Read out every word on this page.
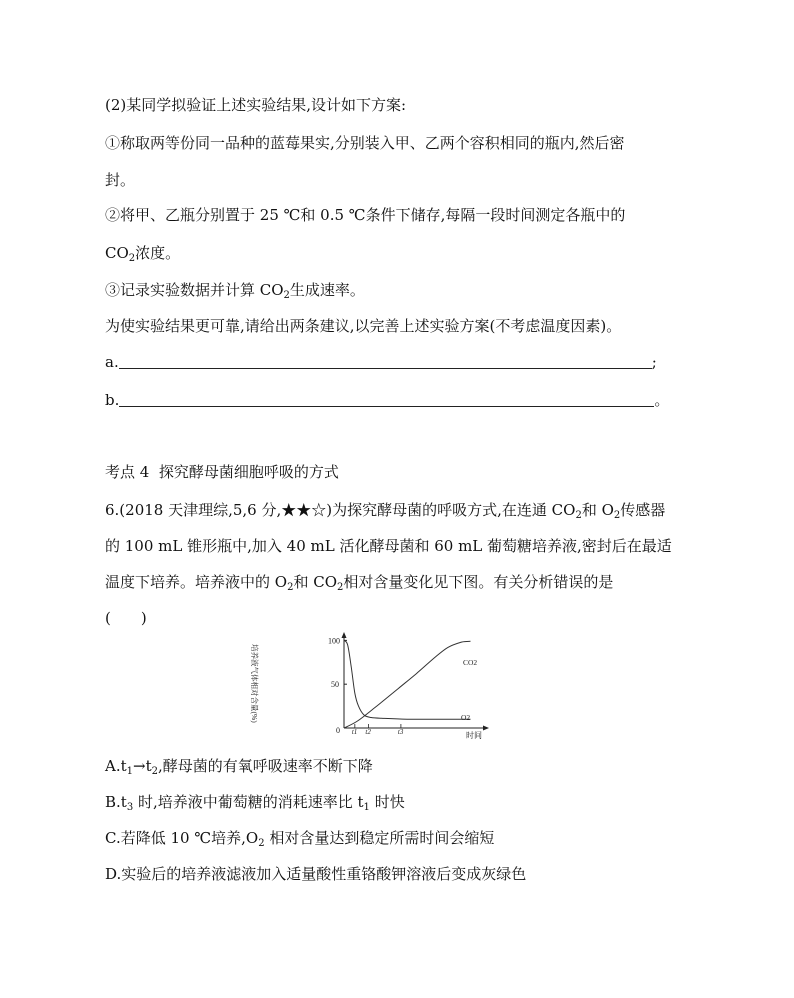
(2)某同学拟验证上述实验结果,设计如下方案:
①称取两等份同一品种的蓝莓果实,分别装入甲、乙两个容积相同的瓶内,然后密
封。
②将甲、乙瓶分别置于 25 ℃和 0.5 ℃条件下储存,每隔一段时间测定各瓶中的
$CO_2$浓度。
③记录实验数据并计算 $CO_2$生成速率。
为使实验结果更可靠,请给出两条建议,以完善上述实验方案(不考虑温度因素)。
a.	;
b.	。
考点 4 探究酵母菌细胞呼吸的方式
6.(2018 天津理综,5,6 分,★★☆)为探究酵母菌的呼吸方式,在连通 $CO_2$和 $O_2$传感器
的 100 mL 锥形瓶中,加入 40 mL 活化酵母菌和 60 mL 葡萄糖培养液,密封后在最适
温度下培养。培养液中的 $O_2$和 $CO_2$相对含量变化见下图。有关分析错误的是
(　　)
培养液气体相对含量(%)
100
50
0 t1 t2	t3	时间
CO2
O2
$A.t_1\to t_2$,酵母菌的有氧呼吸速率不断下降
$B.t_3$ 时,培养液中葡萄糖的消耗速率比 $t_1$ 时快
C.若降低 10 ℃培养$,O_2$ 相对含量达到稳定所需时间会缩短
D.实验后的培养液滤液加入适量酸性重铬酸钾溶液后变成灰绿色
